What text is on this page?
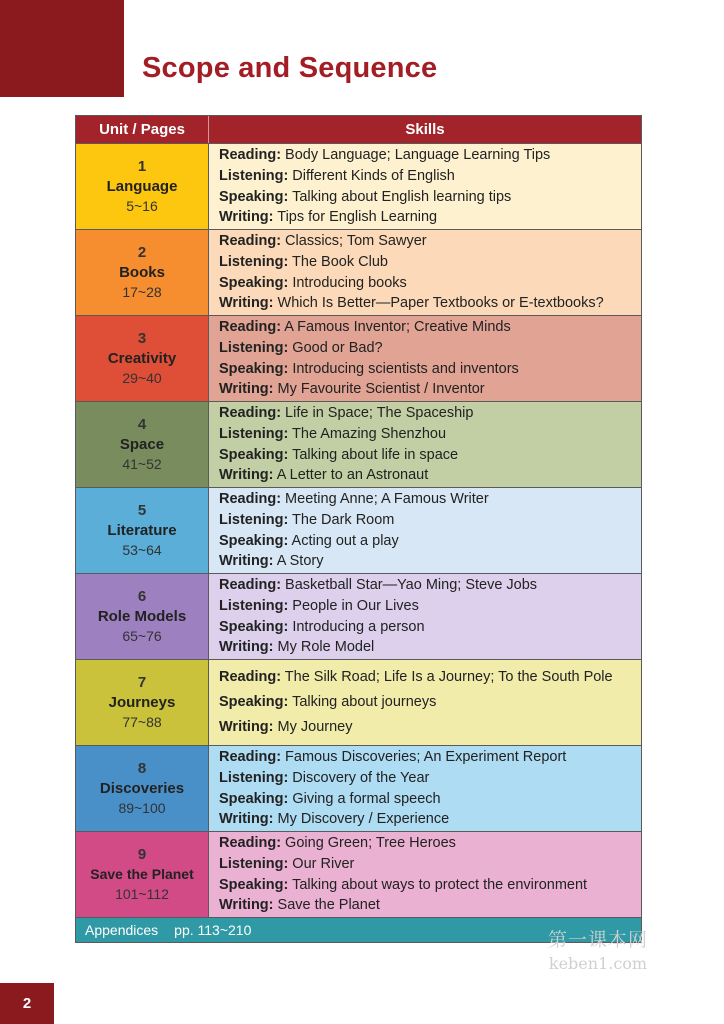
Scope and Sequence
Unit / Pages	Skills
1
Language
5~16
Reading: Body Language; Language Learning Tips
Listening: Different Kinds of English
Speaking: Talking about English learning tips
Writing: Tips for English Learning
2
Books
17~28
Reading: Classics; Tom Sawyer
Listening: The Book Club
Speaking: Introducing books
Writing: Which Is Better—Paper Textbooks or E-textbooks?
3
Creativity
29~40
Reading: A Famous Inventor; Creative Minds
Listening: Good or Bad?
Speaking: Introducing scientists and inventors
Writing: My Favourite Scientist / Inventor
4
Space
41~52
Reading: Life in Space; The Spaceship
Listening: The Amazing Shenzhou
Speaking: Talking about life in space
Writing: A Letter to an Astronaut
5
Literature
53~64
Reading: Meeting Anne; A Famous Writer
Listening: The Dark Room
Speaking: Acting out a play
Writing: A Story
6
Role Models
65~76
Reading: Basketball Star—Yao Ming; Steve Jobs
Listening: People in Our Lives
Speaking: Introducing a person
Writing: My Role Model
7
Journeys
77~88
Reading: The Silk Road; Life Is a Journey; To the South Pole
Speaking: Talking about journeys
Writing: My Journey
8
Discoveries
89~100
Reading: Famous Discoveries; An Experiment Report
Listening: Discovery of the Year
Speaking: Giving a formal speech
Writing: My Discovery / Experience
9
Save the Planet
101~112
Reading: Going Green; Tree Heroes
Listening: Our River
Speaking: Talking about ways to protect the environment
Writing: Save the Planet
Appendices pp. 113~210	第一课本网
keben1.com
2
